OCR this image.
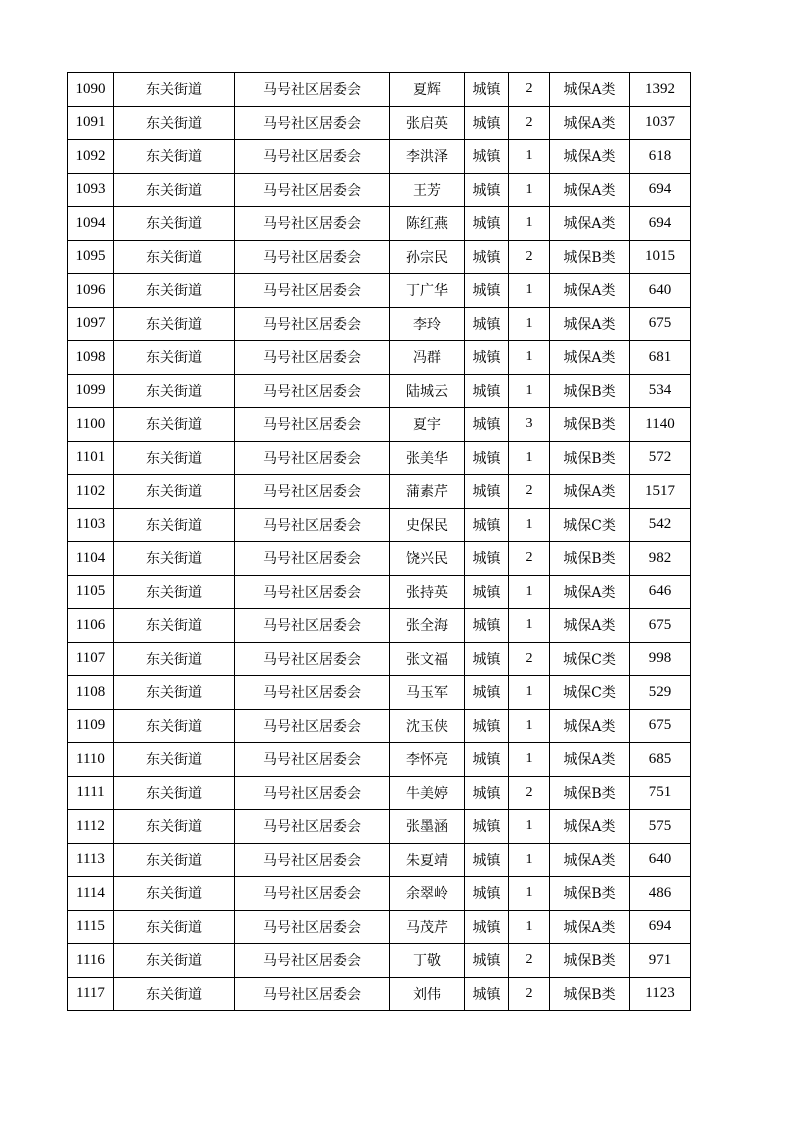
1090	东关街道	马号社区居委会	夏辉	城镇	2	城保A类	1392
1091	东关街道	马号社区居委会	张启英	城镇	2	城保A类	1037
1092	东关街道	马号社区居委会	李洪泽	城镇	1	城保A类	618
1093	东关街道	马号社区居委会	王芳	城镇	1	城保A类	694
1094	东关街道	马号社区居委会	陈红燕	城镇	1	城保A类	694
1095	东关街道	马号社区居委会	孙宗民	城镇	2	城保B类	1015
1096	东关街道	马号社区居委会	丁广华	城镇	1	城保A类	640
1097	东关街道	马号社区居委会	李玲	城镇	1	城保A类	675
1098	东关街道	马号社区居委会	冯群	城镇	1	城保A类	681
1099	东关街道	马号社区居委会	陆城云	城镇	1	城保B类	534
1100	东关街道	马号社区居委会	夏宇	城镇	3	城保B类	1140
1101	东关街道	马号社区居委会	张美华	城镇	1	城保B类	572
1102	东关街道	马号社区居委会	蒲素芹	城镇	2	城保A类	1517
1103	东关街道	马号社区居委会	史保民	城镇	1	城保C类	542
1104	东关街道	马号社区居委会	饶兴民	城镇	2	城保B类	982
1105	东关街道	马号社区居委会	张持英	城镇	1	城保A类	646
1106	东关街道	马号社区居委会	张全海	城镇	1	城保A类	675
1107	东关街道	马号社区居委会	张文福	城镇	2	城保C类	998
1108	东关街道	马号社区居委会	马玉军	城镇	1	城保C类	529
1109	东关街道	马号社区居委会	沈玉侠	城镇	1	城保A类	675
1110	东关街道	马号社区居委会	李怀亮	城镇	1	城保A类	685
1111	东关街道	马号社区居委会	牛美婷	城镇	2	城保B类	751
1112	东关街道	马号社区居委会	张墨涵	城镇	1	城保A类	575
1113	东关街道	马号社区居委会	朱夏靖	城镇	1	城保A类	640
1114	东关街道	马号社区居委会	余翠岭	城镇	1	城保B类	486
1115	东关街道	马号社区居委会	马茂芹	城镇	1	城保A类	694
1116	东关街道	马号社区居委会	丁敬	城镇	2	城保B类	971
1117	东关街道	马号社区居委会	刘伟	城镇	2	城保B类	1123
